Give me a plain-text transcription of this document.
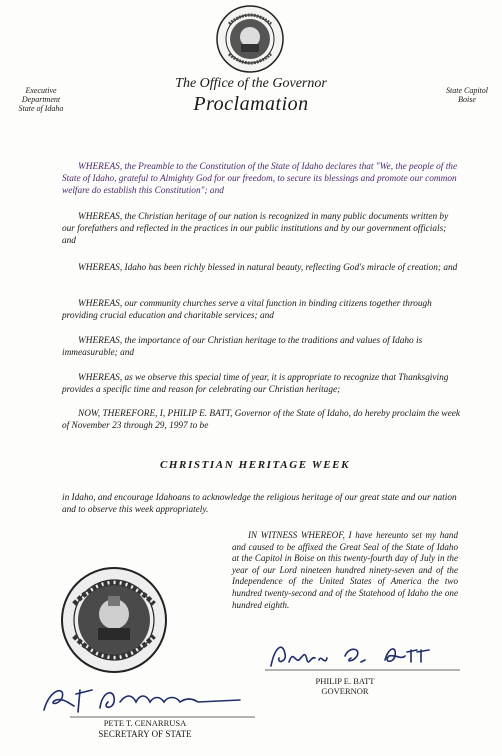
Executive Department
State of Idaho
State Capitol
Boise
The Office of the Governor
Proclamation
WHEREAS, the Preamble to the Constitution of the State of Idaho declares that "We, the people of the State of Idaho, grateful to Almighty God for our freedom, to secure its blessings and promote our common welfare do establish this Constitution"; and
WHEREAS, the Christian heritage of our nation is recognized in many public documents written by our forefathers and reflected in the practices in our public institutions and by our government officials; and
WHEREAS, Idaho has been richly blessed in natural beauty, reflecting God's miracle of creation; and
WHEREAS, our community churches serve a vital function in binding citizens together through providing crucial education and charitable services; and
WHEREAS, the importance of our Christian heritage to the traditions and values of Idaho is immeasurable; and
WHEREAS, as we observe this special time of year, it is appropriate to recognize that Thanksgiving provides a specific time and reason for celebrating our Christian heritage;
NOW, THEREFORE, I, PHILIP E. BATT, Governor of the State of Idaho, do hereby proclaim the week of November 23 through 29, 1997 to be
CHRISTIAN HERITAGE WEEK
in Idaho, and encourage Idahoans to acknowledge the religious heritage of our great state and our nation and to observe this week appropriately.
IN WITNESS WHEREOF, I have hereunto set my hand and caused to be affixed the Great Seal of the State of Idaho at the Capitol in Boise on this twenty-fourth day of July in the year of our Lord nineteen hundred ninety-seven and of the Independence of the United States of America the two hundred twenty-second and of the Statehood of Idaho the one hundred eighth.
PHILIP E. BATT
GOVERNOR
PETE T. CENARRUSA
SECRETARY OF STATE
